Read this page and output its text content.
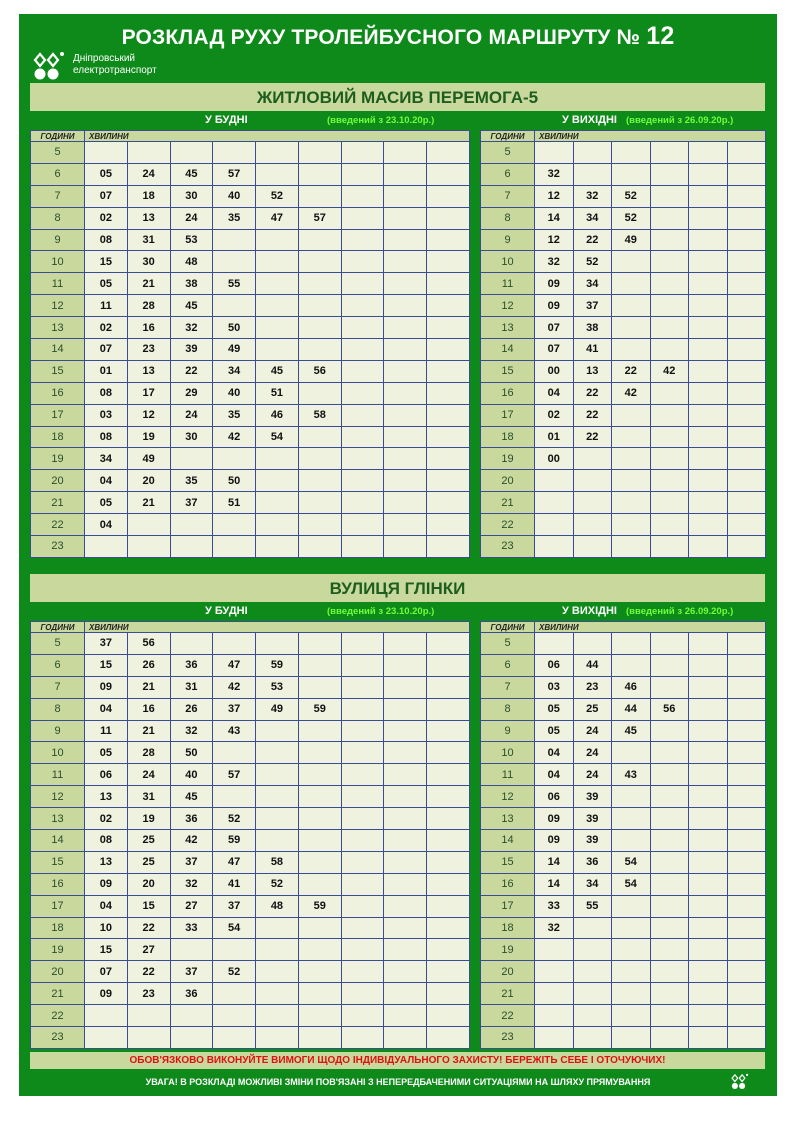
РОЗКЛАД РУХУ ТРОЛЕЙБУСНОГО МАРШРУТУ № 12
Дніпровський
електротранспорт
ЖИТЛОВИЙ МАСИВ ПЕРЕМОГА-5
У БУДНІ	(введений з 23.10.20р.)
ГОДИНИ	ХВИЛИНИ								
5									
6	05	24	45	57					
7	07	18	30	40	52				
8	02	13	24	35	47	57			
9	08	31	53						
10	15	30	48						
11	05	21	38	55					
12	11	28	45						
13	02	16	32	50					
14	07	23	39	49					
15	01	13	22	34	45	56			
16	08	17	29	40	51				
17	03	12	24	35	46	58			
18	08	19	30	42	54				
19	34	49							
20	04	20	35	50					
21	05	21	37	51					
22	04								
23									
У ВИХІДНІ (введений з 26.09.20р.)
ГОДИНИ	ХВИЛИНИ					
5						
6	32					
7	12	32	52			
8	14	34	52			
9	12	22	49			
10	32	52				
11	09	34				
12	09	37				
13	07	38				
14	07	41				
15	00	13	22	42		
16	04	22	42			
17	02	22				
18	01	22				
19	00					
20						
21						
22						
23						
ВУЛИЦЯ ГЛІНКИ
У БУДНІ	(введений з 23.10.20р.)
ГОДИНИ	ХВИЛИНИ								
5	37	56							
6	15	26	36	47	59				
7	09	21	31	42	53				
8	04	16	26	37	49	59			
9	11	21	32	43					
10	05	28	50						
11	06	24	40	57					
12	13	31	45						
13	02	19	36	52					
14	08	25	42	59					
15	13	25	37	47	58				
16	09	20	32	41	52				
17	04	15	27	37	48	59			
18	10	22	33	54					
19	15	27							
20	07	22	37	52					
21	09	23	36						
22									
23									
У ВИХІДНІ (введений з 26.09.20р.)
ГОДИНИ	ХВИЛИНИ					
5						
6	06	44				
7	03	23	46			
8	05	25	44	56		
9	05	24	45			
10	04	24				
11	04	24	43			
12	06	39				
13	09	39				
14	09	39				
15	14	36	54			
16	14	34	54			
17	33	55				
18	32					
19						
20						
21						
22						
23						
ОБОВ'ЯЗКОВО ВИКОНУЙТЕ ВИМОГИ ЩОДО ІНДИВІДУАЛЬНОГО ЗАХИСТУ! БЕРЕЖІТЬ СЕБЕ І ОТОЧУЮЧИХ!
УВАГА! В РОЗКЛАДІ МОЖЛИВІ ЗМІНИ ПОВ'ЯЗАНІ З НЕПЕРЕДБАЧЕНИМИ СИТУАЦІЯМИ НА ШЛЯХУ ПРЯМУВАННЯ
